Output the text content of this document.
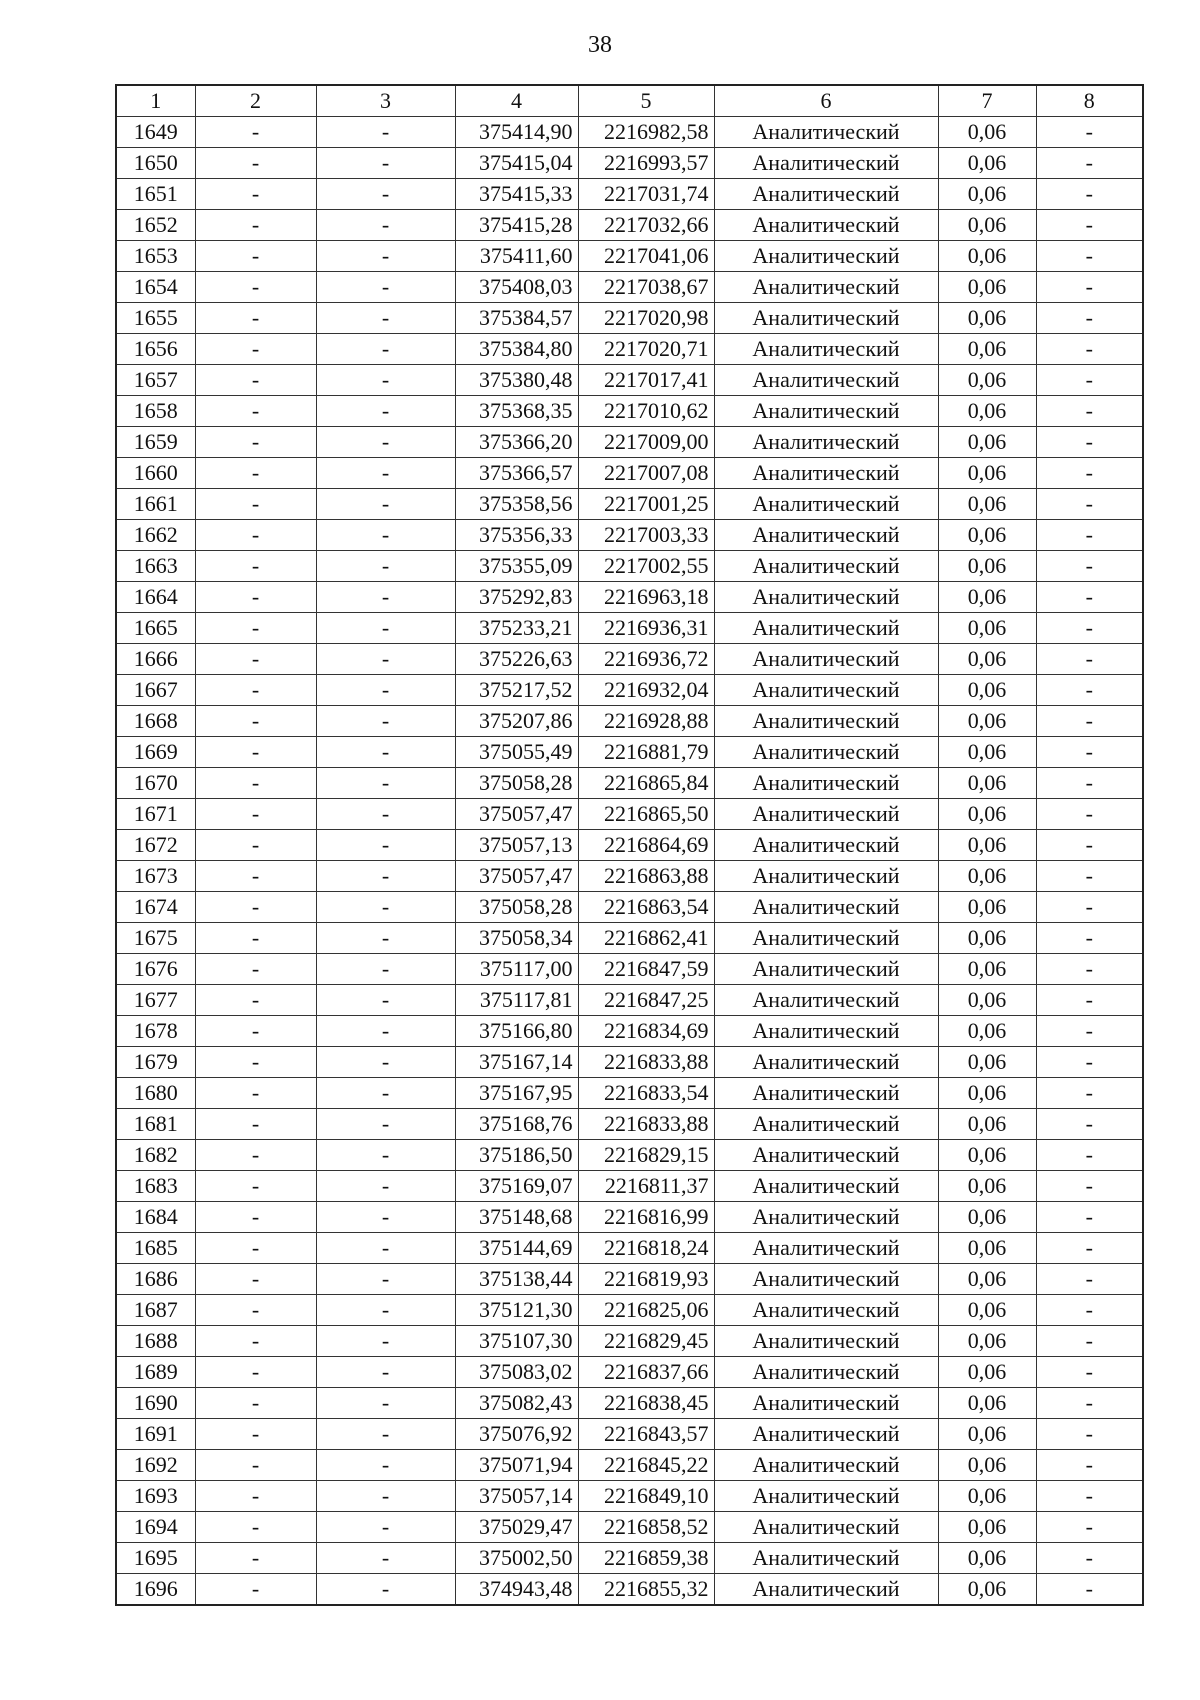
38
1	2	3	4	5	6	7	8
1649	-	-	375414,90	2216982,58	Аналитический	0,06	-
1650	-	-	375415,04	2216993,57	Аналитический	0,06	-
1651	-	-	375415,33	2217031,74	Аналитический	0,06	-
1652	-	-	375415,28	2217032,66	Аналитический	0,06	-
1653	-	-	375411,60	2217041,06	Аналитический	0,06	-
1654	-	-	375408,03	2217038,67	Аналитический	0,06	-
1655	-	-	375384,57	2217020,98	Аналитический	0,06	-
1656	-	-	375384,80	2217020,71	Аналитический	0,06	-
1657	-	-	375380,48	2217017,41	Аналитический	0,06	-
1658	-	-	375368,35	2217010,62	Аналитический	0,06	-
1659	-	-	375366,20	2217009,00	Аналитический	0,06	-
1660	-	-	375366,57	2217007,08	Аналитический	0,06	-
1661	-	-	375358,56	2217001,25	Аналитический	0,06	-
1662	-	-	375356,33	2217003,33	Аналитический	0,06	-
1663	-	-	375355,09	2217002,55	Аналитический	0,06	-
1664	-	-	375292,83	2216963,18	Аналитический	0,06	-
1665	-	-	375233,21	2216936,31	Аналитический	0,06	-
1666	-	-	375226,63	2216936,72	Аналитический	0,06	-
1667	-	-	375217,52	2216932,04	Аналитический	0,06	-
1668	-	-	375207,86	2216928,88	Аналитический	0,06	-
1669	-	-	375055,49	2216881,79	Аналитический	0,06	-
1670	-	-	375058,28	2216865,84	Аналитический	0,06	-
1671	-	-	375057,47	2216865,50	Аналитический	0,06	-
1672	-	-	375057,13	2216864,69	Аналитический	0,06	-
1673	-	-	375057,47	2216863,88	Аналитический	0,06	-
1674	-	-	375058,28	2216863,54	Аналитический	0,06	-
1675	-	-	375058,34	2216862,41	Аналитический	0,06	-
1676	-	-	375117,00	2216847,59	Аналитический	0,06	-
1677	-	-	375117,81	2216847,25	Аналитический	0,06	-
1678	-	-	375166,80	2216834,69	Аналитический	0,06	-
1679	-	-	375167,14	2216833,88	Аналитический	0,06	-
1680	-	-	375167,95	2216833,54	Аналитический	0,06	-
1681	-	-	375168,76	2216833,88	Аналитический	0,06	-
1682	-	-	375186,50	2216829,15	Аналитический	0,06	-
1683	-	-	375169,07	2216811,37	Аналитический	0,06	-
1684	-	-	375148,68	2216816,99	Аналитический	0,06	-
1685	-	-	375144,69	2216818,24	Аналитический	0,06	-
1686	-	-	375138,44	2216819,93	Аналитический	0,06	-
1687	-	-	375121,30	2216825,06	Аналитический	0,06	-
1688	-	-	375107,30	2216829,45	Аналитический	0,06	-
1689	-	-	375083,02	2216837,66	Аналитический	0,06	-
1690	-	-	375082,43	2216838,45	Аналитический	0,06	-
1691	-	-	375076,92	2216843,57	Аналитический	0,06	-
1692	-	-	375071,94	2216845,22	Аналитический	0,06	-
1693	-	-	375057,14	2216849,10	Аналитический	0,06	-
1694	-	-	375029,47	2216858,52	Аналитический	0,06	-
1695	-	-	375002,50	2216859,38	Аналитический	0,06	-
1696	-	-	374943,48	2216855,32	Аналитический	0,06	-
